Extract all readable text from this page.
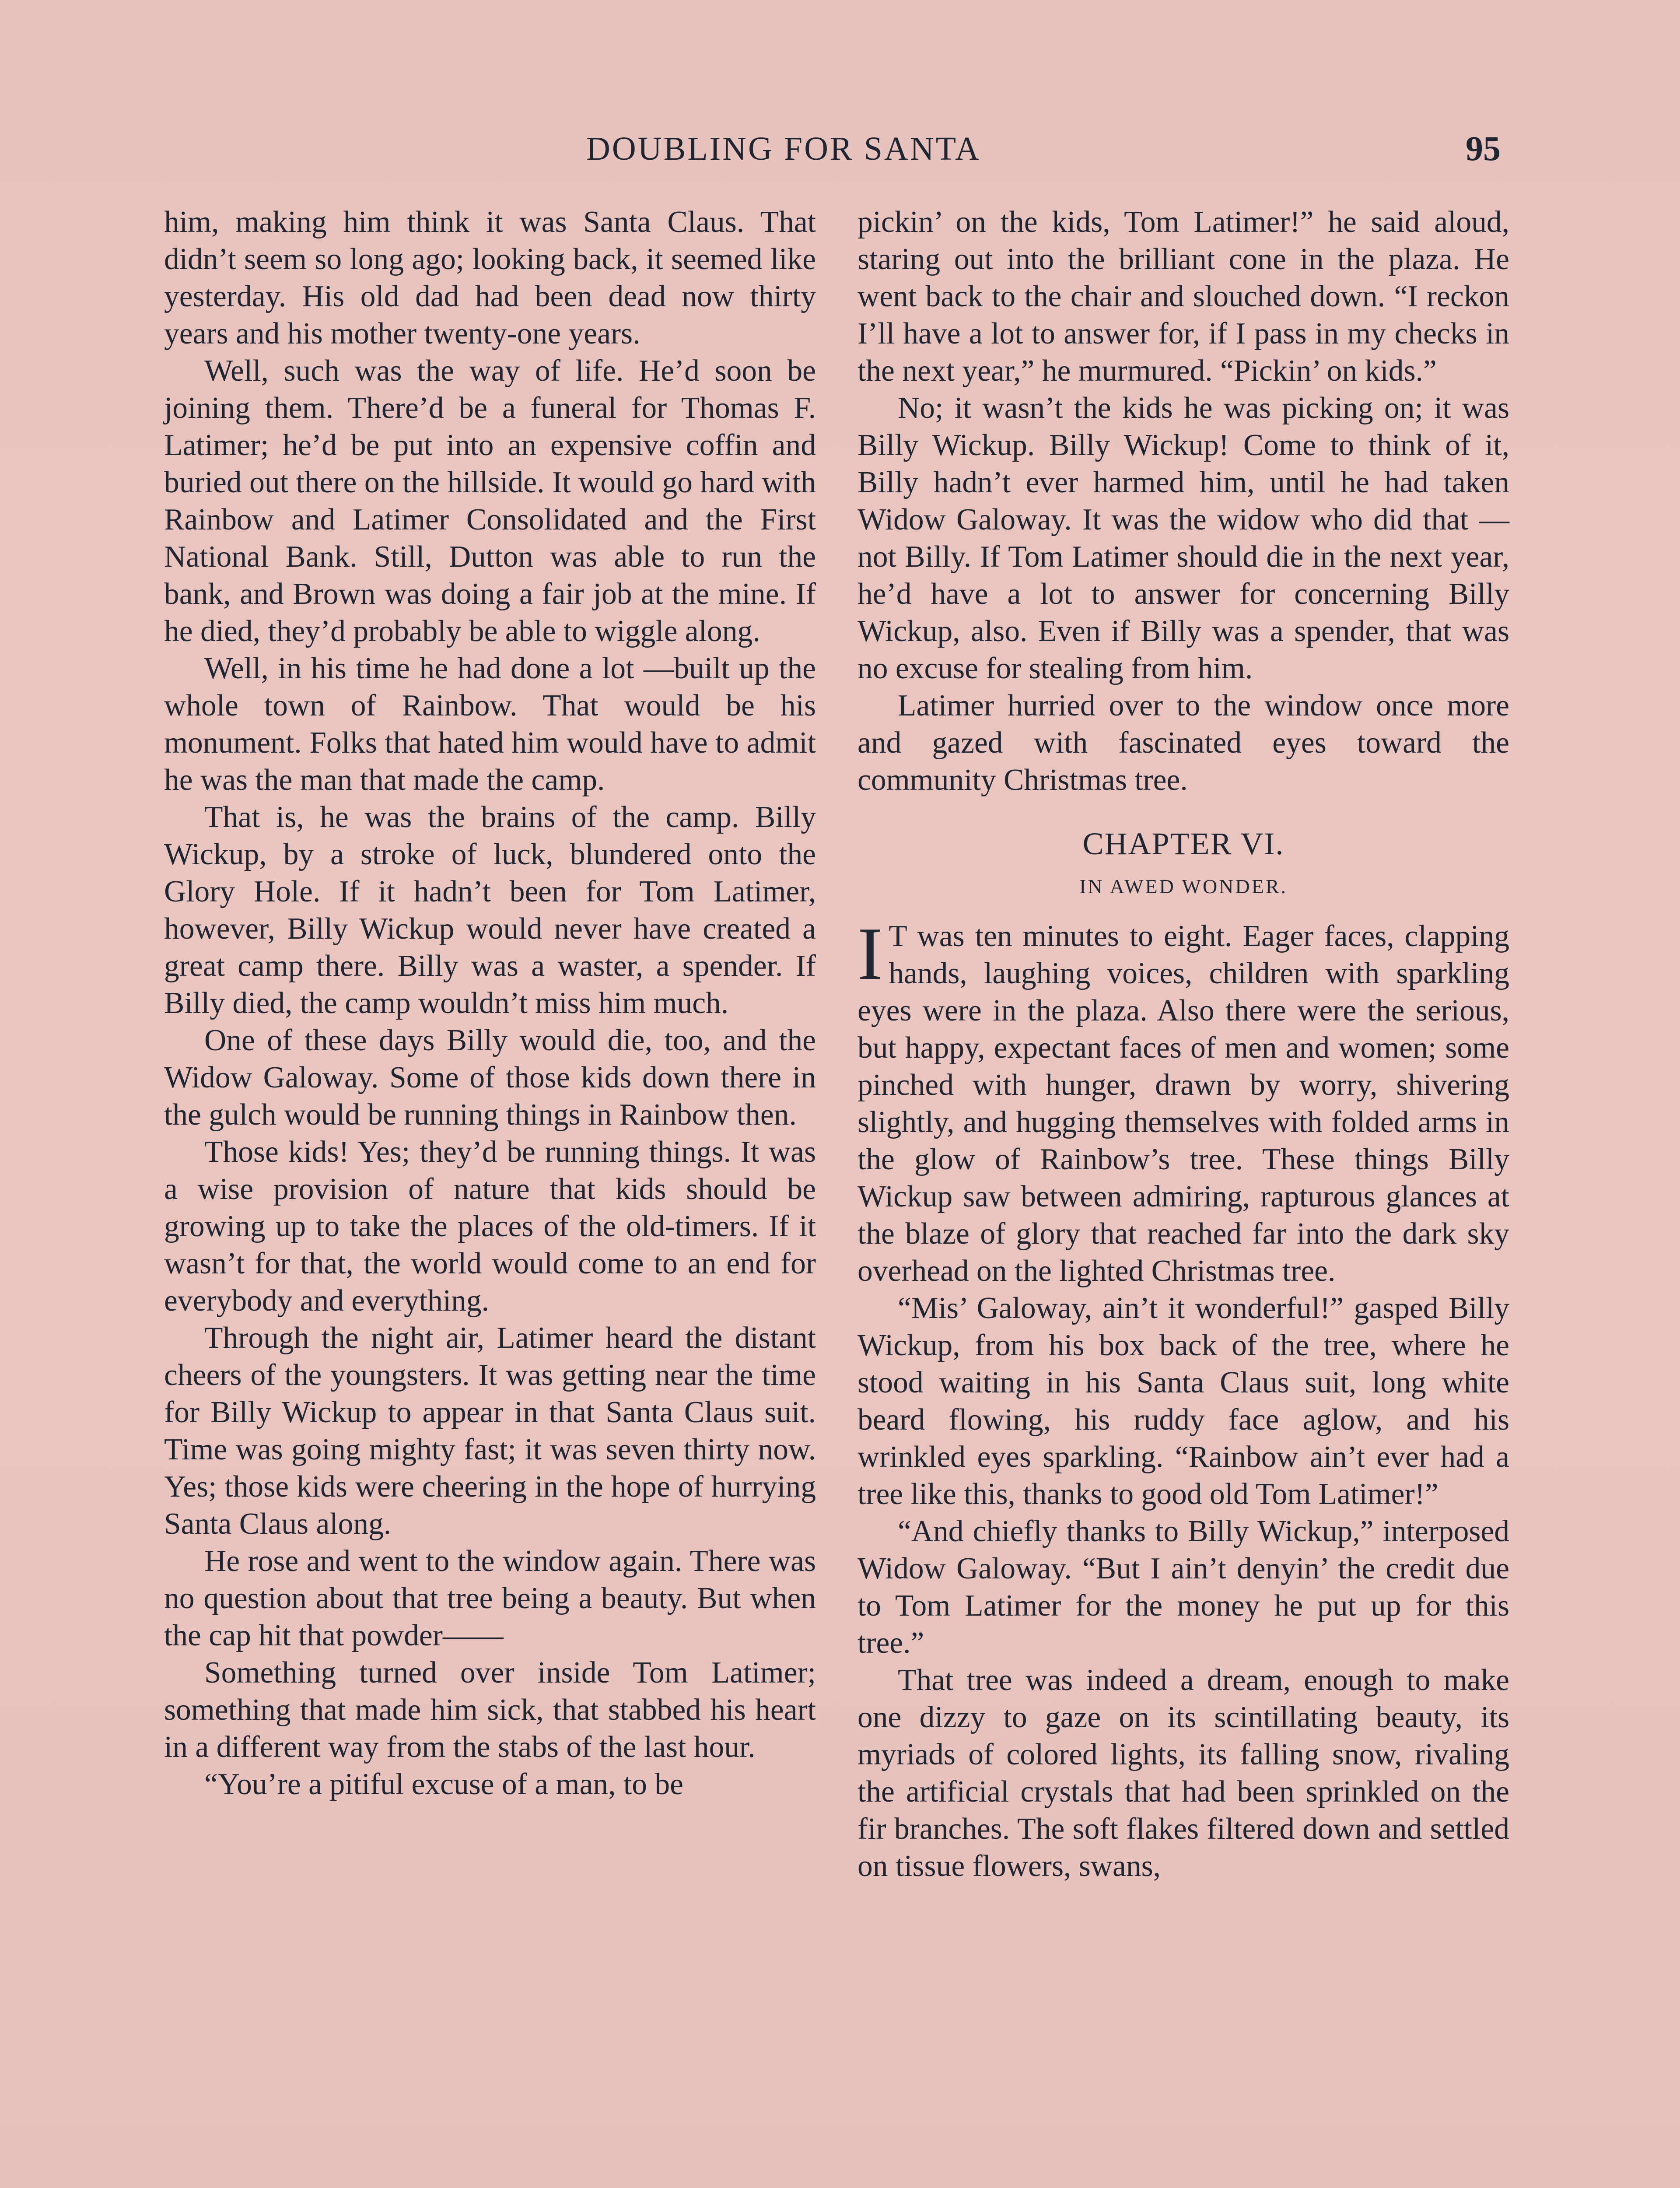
DOUBLING FOR SANTA	95

him, making him think it was Santa Claus. That didn’t seem so long ago; looking back, it seemed like yesterday. His old dad had been dead now thirty years and his mother twenty-one years.

Well, such was the way of life. He’d soon be joining them. There’d be a funeral for Thomas F. Latimer; he’d be put into an expensive coffin and buried out there on the hillside. It would go hard with Rainbow and Latimer Consolidated and the First National Bank. Still, Dutton was able to run the bank, and Brown was doing a fair job at the mine. If he died, they’d probably be able to wiggle along.

Well, in his time he had done a lot —built up the whole town of Rainbow. That would be his monument. Folks that hated him would have to admit he was the man that made the camp.

That is, he was the brains of the camp. Billy Wickup, by a stroke of luck, blundered onto the Glory Hole. If it hadn’t been for Tom Latimer, however, Billy Wickup would never have created a great camp there. Billy was a waster, a spender. If Billy died, the camp wouldn’t miss him much.

One of these days Billy would die, too, and the Widow Galoway. Some of those kids down there in the gulch would be running things in Rainbow then.

Those kids! Yes; they’d be running things. It was a wise provision of nature that kids should be growing up to take the places of the old-timers. If it wasn’t for that, the world would come to an end for everybody and everything.

Through the night air, Latimer heard the distant cheers of the youngsters. It was getting near the time for Billy Wickup to appear in that Santa Claus suit. Time was going mighty fast; it was seven thirty now. Yes; those kids were cheering in the hope of hurrying Santa Claus along.

He rose and went to the window again. There was no question about that tree being a beauty. But when the cap hit that powder——

Something turned over inside Tom Latimer; something that made him sick, that stabbed his heart in a different way from the stabs of the last hour.

“You’re a pitiful excuse of a man, to be

pickin’ on the kids, Tom Latimer!” he said aloud, staring out into the brilliant cone in the plaza. He went back to the chair and slouched down. “I reckon I’ll have a lot to answer for, if I pass in my checks in the next year,” he murmured. “Pickin’ on kids.”

No; it wasn’t the kids he was picking on; it was Billy Wickup. Billy Wickup! Come to think of it, Billy hadn’t ever harmed him, until he had taken Widow Galoway. It was the widow who did that —not Billy. If Tom Latimer should die in the next year, he’d have a lot to answer for concerning Billy Wickup, also. Even if Billy was a spender, that was no excuse for stealing from him.

Latimer hurried over to the window once more and gazed with fascinated eyes toward the community Christmas tree.

CHAPTER VI.
IN AWED WONDER.

I T was ten minutes to eight. Eager faces, clapping hands, laughing voices, children with sparkling eyes were in the plaza. Also there were the serious, but happy, expectant faces of men and women; some pinched with hunger, drawn by worry, shivering slightly, and hugging themselves with folded arms in the glow of Rainbow’s tree. These things Billy Wickup saw between admiring, rapturous glances at the blaze of glory that reached far into the dark sky overhead on the lighted Christmas tree.

“Mis’ Galoway, ain’t it wonderful!” gasped Billy Wickup, from his box back of the tree, where he stood waiting in his Santa Claus suit, long white beard flowing, his ruddy face aglow, and his wrinkled eyes sparkling. “Rainbow ain’t ever had a tree like this, thanks to good old Tom Latimer!”

“And chiefly thanks to Billy Wickup,” interposed Widow Galoway. “But I ain’t denyin’ the credit due to Tom Latimer for the money he put up for this tree.”

That tree was indeed a dream, enough to make one dizzy to gaze on its scintillating beauty, its myriads of colored lights, its falling snow, rivaling the artificial crystals that had been sprinkled on the fir branches. The soft flakes filtered down and settled on tissue flowers, swans,
